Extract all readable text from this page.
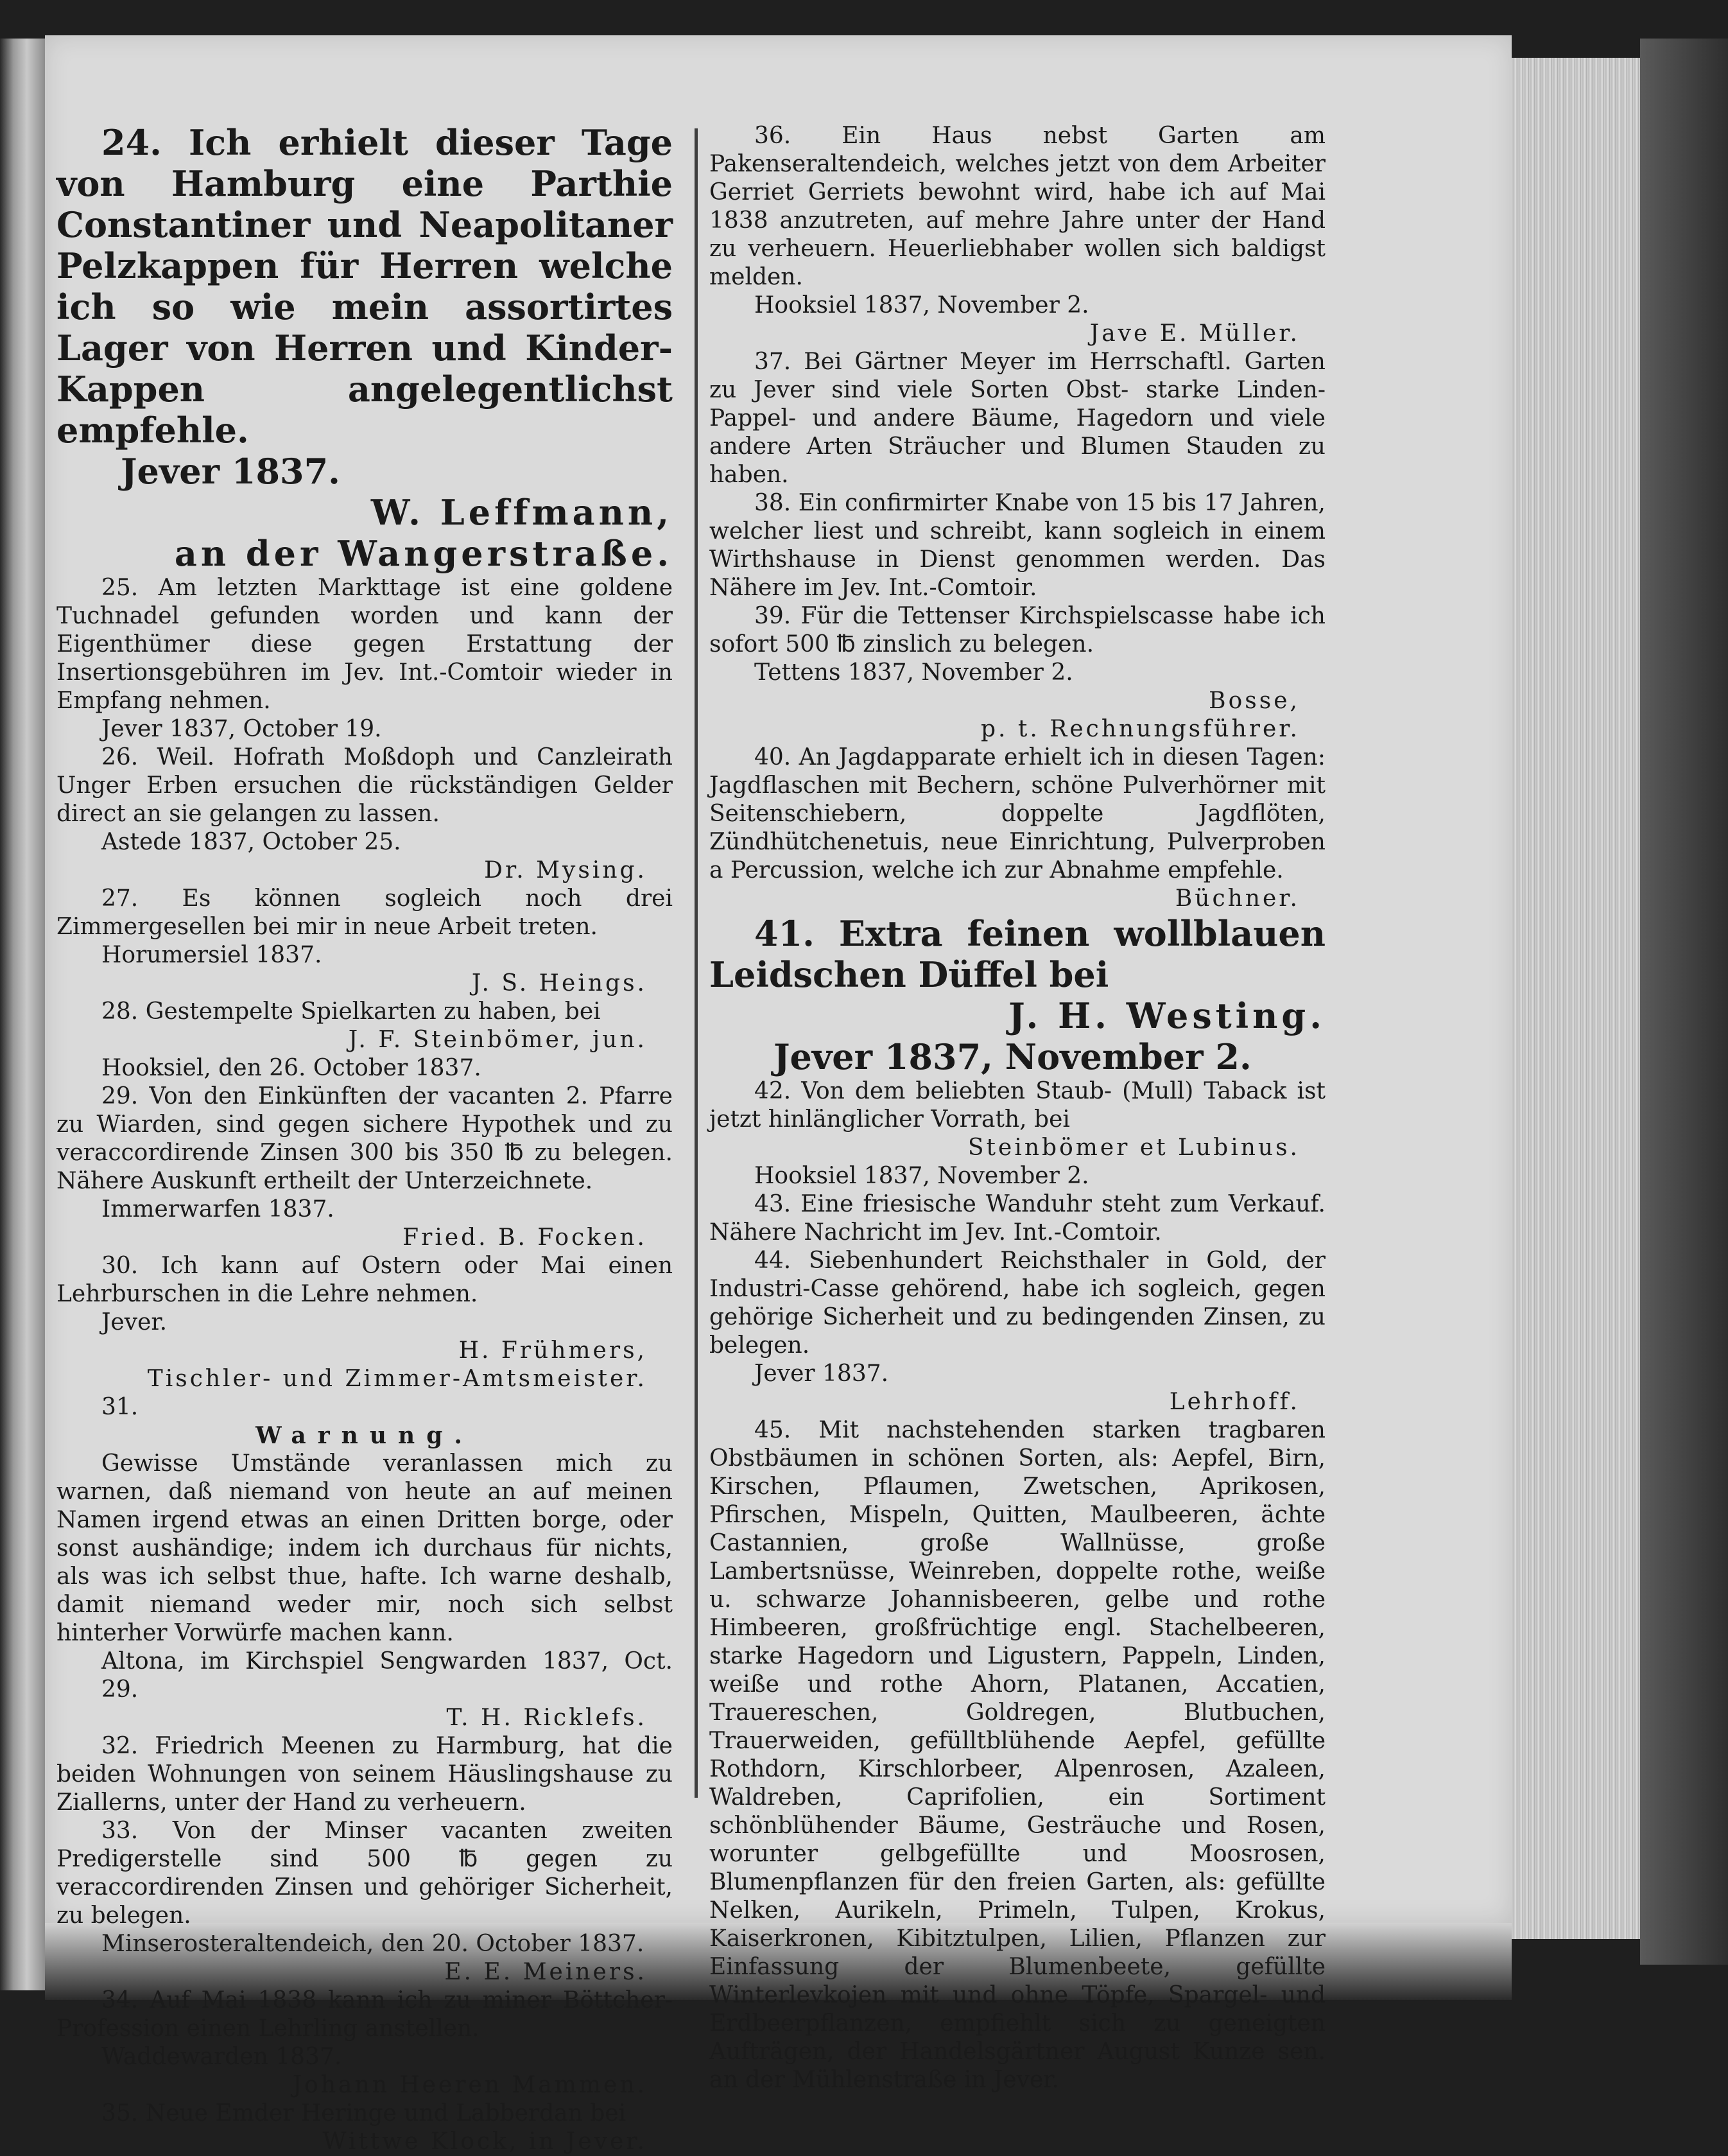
24. Ich erhielt dieser Tage von Hamburg eine Parthie Constantiner und Neapolitaner Pelzkappen für Herren welche ich so wie mein assortirtes Lager von Herren und Kinder-Kappen angelegentlichst empfehle.
Jever 1837.
W. Leffmann,
an der Wangerstraße.
25. Am letzten Markttage ist eine goldene Tuchnadel gefunden worden und kann der Eigenthümer diese gegen Erstattung der Insertionsgebühren im Jev. Int.-Comtoir wieder in Empfang nehmen.
Jever 1837, October 19.
26. Weil. Hofrath Moßdoph und Canzleirath Unger Erben ersuchen die rückständigen Gelder direct an sie gelangen zu lassen.
Astede 1837, October 25.
Dr. Mysing.
27. Es können sogleich noch drei Zimmergesellen bei mir in neue Arbeit treten.
Horumersiel 1837.
J. S. Heings.
28. Gestempelte Spielkarten zu haben, bei
J. F. Steinbömer, jun.
Hooksiel, den 26. October 1837.
29. Von den Einkünften der vacanten 2. Pfarre zu Wiarden, sind gegen sichere Hypothek und zu veraccordirende Zinsen 300 bis 350 ℔ zu belegen. Nähere Auskunft ertheilt der Unterzeichnete.
Immerwarfen 1837.
Fried. B. Focken.
30. Ich kann auf Ostern oder Mai einen Lehrburschen in die Lehre nehmen.
Jever.
H. Frühmers,
Tischler- und Zimmer-Amtsmeister.
31.
Warnung.
Gewisse Umstände veranlassen mich zu warnen, daß niemand von heute an auf meinen Namen irgend etwas an einen Dritten borge, oder sonst aushändige; indem ich durchaus für nichts, als was ich selbst thue, hafte. Ich warne deshalb, damit niemand weder mir, noch sich selbst hinterher Vorwürfe machen kann.
Altona, im Kirchspiel Sengwarden 1837, Oct. 29.
T. H. Ricklefs.
32. Friedrich Meenen zu Harmburg, hat die beiden Wohnungen von seinem Häuslingshause zu Ziallerns, unter der Hand zu verheuern.
33. Von der Minser vacanten zweiten Predigerstelle sind 500 ℔ gegen zu veraccordirenden Zinsen und gehöriger Sicherheit, zu belegen.
Minserosteraltendeich, den 20. October 1837.
E. E. Meiners.
34. Auf Mai 1838 kann ich zu miner Böttcher-Profession einen Lehrling anstellen.
Waddewarden 1837.
Johann Heeren Mammen.
35. Neue Emder Heringe und Labberdan bei
Wittwe Klock, in Jever.
36. Ein Haus nebst Garten am Pakenseraltendeich, welches jetzt von dem Arbeiter Gerriet Gerriets bewohnt wird, habe ich auf Mai 1838 anzutreten, auf mehre Jahre unter der Hand zu verheuern. Heuerliebhaber wollen sich baldigst melden.
Hooksiel 1837, November 2.
Jave E. Müller.
37. Bei Gärtner Meyer im Herrschaftl. Garten zu Jever sind viele Sorten Obst- starke Linden- Pappel- und andere Bäume, Hagedorn und viele andere Arten Sträucher und Blumen Stauden zu haben.
38. Ein confirmirter Knabe von 15 bis 17 Jahren, welcher liest und schreibt, kann sogleich in einem Wirthshause in Dienst genommen werden. Das Nähere im Jev. Int.-Comtoir.
39. Für die Tettenser Kirchspielscasse habe ich sofort 500 ℔ zinslich zu belegen.
Tettens 1837, November 2.
Bosse,
p. t. Rechnungsführer.
40. An Jagdapparate erhielt ich in diesen Tagen: Jagdflaschen mit Bechern, schöne Pulverhörner mit Seitenschiebern, doppelte Jagdflöten, Zündhütchenetuis, neue Einrichtung, Pulverproben a Percussion, welche ich zur Abnahme empfehle.
Büchner.
41. Extra feinen wollblauen Leidschen Düffel bei
J. H. Westing.
Jever 1837, November 2.
42. Von dem beliebten Staub- (Mull) Taback ist jetzt hinlänglicher Vorrath, bei
Steinbömer et Lubinus.
Hooksiel 1837, November 2.
43. Eine friesische Wanduhr steht zum Verkauf. Nähere Nachricht im Jev. Int.-Comtoir.
44. Siebenhundert Reichsthaler in Gold, der Industri-Casse gehörend, habe ich sogleich, gegen gehörige Sicherheit und zu bedingenden Zinsen, zu belegen.
Jever 1837.
Lehrhoff.
45. Mit nachstehenden starken tragbaren Obstbäumen in schönen Sorten, als: Aepfel, Birn, Kirschen, Pflaumen, Zwetschen, Aprikosen, Pfirschen, Mispeln, Quitten, Maulbeeren, ächte Castannien, große Wallnüsse, große Lambertsnüsse, Weinreben, doppelte rothe, weiße u. schwarze Johannisbeeren, gelbe und rothe Himbeeren, großfrüchtige engl. Stachelbeeren, starke Hagedorn und Ligustern, Pappeln, Linden, weiße und rothe Ahorn, Platanen, Accatien, Trauereschen, Goldregen, Blutbuchen, Trauerweiden, gefülltblühende Aepfel, gefüllte Rothdorn, Kirschlorbeer, Alpenrosen, Azaleen, Waldreben, Caprifolien, ein Sortiment schönblühender Bäume, Gesträuche und Rosen, worunter gelbgefüllte und Moosrosen, Blumenpflanzen für den freien Garten, als: gefüllte Nelken, Aurikeln, Primeln, Tulpen, Krokus, Kaiserkronen, Kibitztulpen, Lilien, Pflanzen zur Einfassung der Blumenbeete, gefüllte Winterlevkojen mit und ohne Töpfe, Spargel- und Erdbeerpflanzen, empfiehlt sich zu geneigten Aufträgen, der Handelsgärtner August Kunze sen. an der Mühlenstraße in Jever.
